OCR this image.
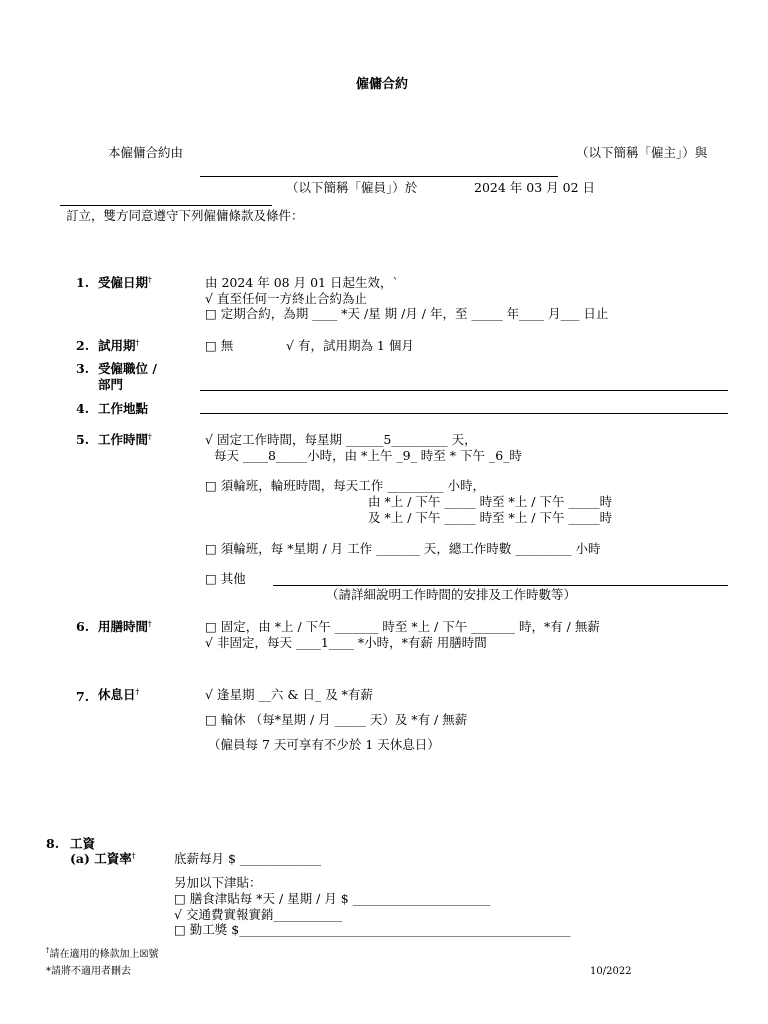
僱傭合約
本僱傭合約由	（以下簡稱「僱主」）與
（以下簡稱「僱員」）於	2024 年 03 月 02 日
訂立，雙方同意遵守下列僱傭條款及條件：
1. 受僱日期†	由 2024 年 08 月 01 日起生效，`
√ 直至任何一方終止合約為止
□ 定期合約，為期 ____ *天 /星 期 /月 / 年，至 _____ 年____ 月___ 日止
2. 試用期†	□ 無	√ 有，試用期為 1 個月
3. 受僱職位 /
部門
4. 工作地點
5. 工作時間†	√ 固定工作時間，每星期 ______5_________ 天，
每天 ____8_____小時，由 *上午 _9_ 時至 * 下午 _6_時
□ 須輪班，輪班時間，每天工作 _________ 小時，
由 *上 / 下午 _____ 時至 *上 / 下午 _____時
及 *上 / 下午 _____ 時至 *上 / 下午 _____時
□ 須輪班，每 *星期 / 月 工作 _______ 天，總工作時數 _________ 小時
□ 其他
（請詳細說明工作時間的安排及工作時數等）
6. 用膳時間†	□ 固定，由 *上 / 下午 _______ 時至 *上 / 下午 _______ 時，*有 / 無薪
√ 非固定，每天 ____1____ *小時，*有薪 用膳時間
7. 休息日†	√ 逢星期 __六 & 日_ 及 *有薪
□ 輪休 （每*星期 / 月 _____ 天）及 *有 / 無薪
（僱員每 7 天可享有不少於 1 天休息日）
8. 工資
(a) 工資率†	底薪每月 $ _____________
另加以下津貼：
□ 膳食津貼每 *天 / 星期 / 月 $ ______________________
√ 交通費實報實銷___________
□ 勤工獎 $_____________________________________________________
†請在適用的條款加上☒號
*請將不適用者刪去	10/2022
